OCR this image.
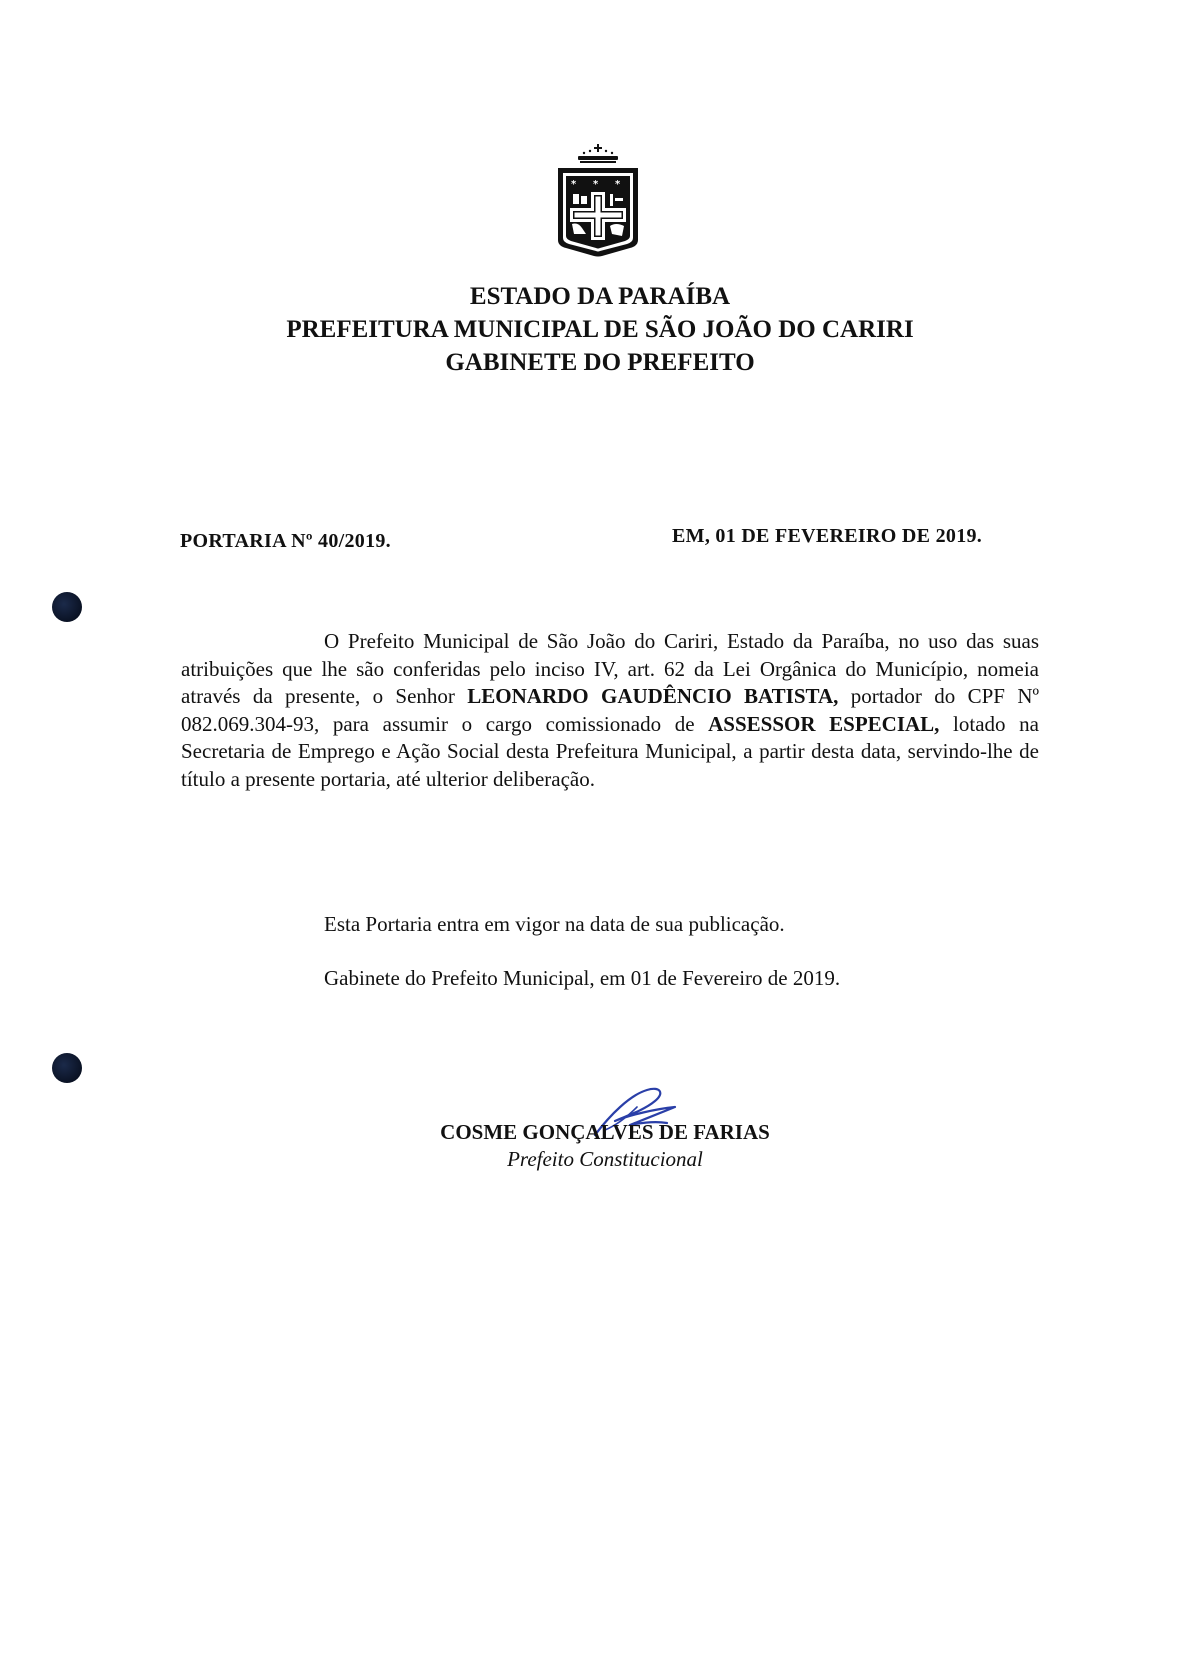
* * *
ESTADO DA PARAÍBA
PREFEITURA MUNICIPAL DE SÃO JOÃO DO CARIRI
GABINETE DO PREFEITO
PORTARIA Nº 40/2019.	EM, 01 DE FEVEREIRO DE 2019.

O Prefeito Municipal de São João do Cariri, Estado da Paraíba, no uso das suas atribuições que lhe são conferidas pelo inciso IV, art. 62 da Lei Orgânica do Município, nomeia através da presente, o Senhor LEONARDO GAUDÊNCIO BATISTA, portador do CPF Nº 082.069.304-93, para assumir o cargo comissionado de ASSESSOR ESPECIAL, lotado na Secretaria de Emprego e Ação Social desta Prefeitura Municipal, a partir desta data, servindo-lhe de título a presente portaria, até ulterior deliberação.

Esta Portaria entra em vigor na data de sua publicação.
Gabinete do Prefeito Municipal, em 01 de Fevereiro de 2019.
COSME GONÇALVES DE FARIAS
Prefeito Constitucional
